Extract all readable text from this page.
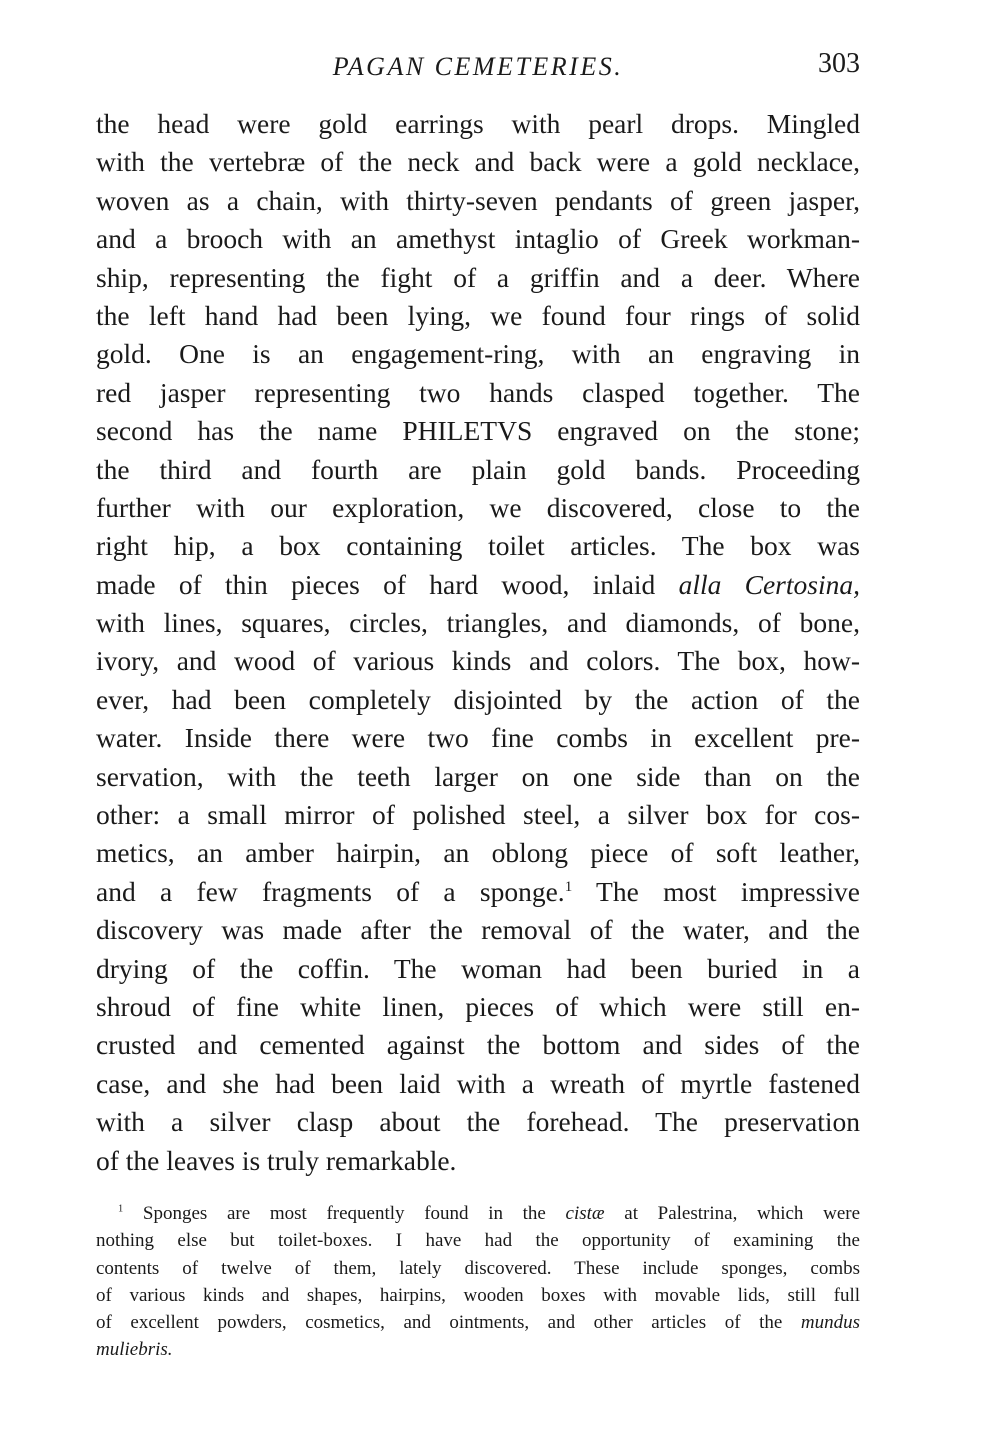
PAGAN CEMETERIES.	303
the head were gold earrings with pearl drops. Mingled
with the vertebræ of the neck and back were a gold necklace,
woven as a chain, with thirty-seven pendants of green jasper,
and a brooch with an amethyst intaglio of Greek workman-
ship, representing the fight of a griffin and a deer. Where
the left hand had been lying, we found four rings of solid
gold. One is an engagement-ring, with an engraving in
red jasper representing two hands clasped together. The
second has the name PHILETVS engraved on the stone;
the third and fourth are plain gold bands. Proceeding
further with our exploration, we discovered, close to the
right hip, a box containing toilet articles. The box was
made of thin pieces of hard wood, inlaid alla Certosina,
with lines, squares, circles, triangles, and diamonds, of bone,
ivory, and wood of various kinds and colors. The box, how-
ever, had been completely disjointed by the action of the
water. Inside there were two fine combs in excellent pre-
servation, with the teeth larger on one side than on the
other: a small mirror of polished steel, a silver box for cos-
metics, an amber hairpin, an oblong piece of soft leather,
and a few fragments of a sponge.$^1$ The most impressive
discovery was made after the removal of the water, and the
drying of the coffin. The woman had been buried in a
shroud of fine white linen, pieces of which were still en-
crusted and cemented against the bottom and sides of the
case, and she had been laid with a wreath of myrtle fastened
with a silver clasp about the forehead. The preservation
of the leaves is truly remarkable.
$^1$ Sponges are most frequently found in the cistæ at Palestrina, which were
nothing else but toilet-boxes. I have had the opportunity of examining the
contents of twelve of them, lately discovered. These include sponges, combs
of various kinds and shapes, hairpins, wooden boxes with movable lids, still full
of excellent powders, cosmetics, and ointments, and other articles of the mundus
muliebris.
